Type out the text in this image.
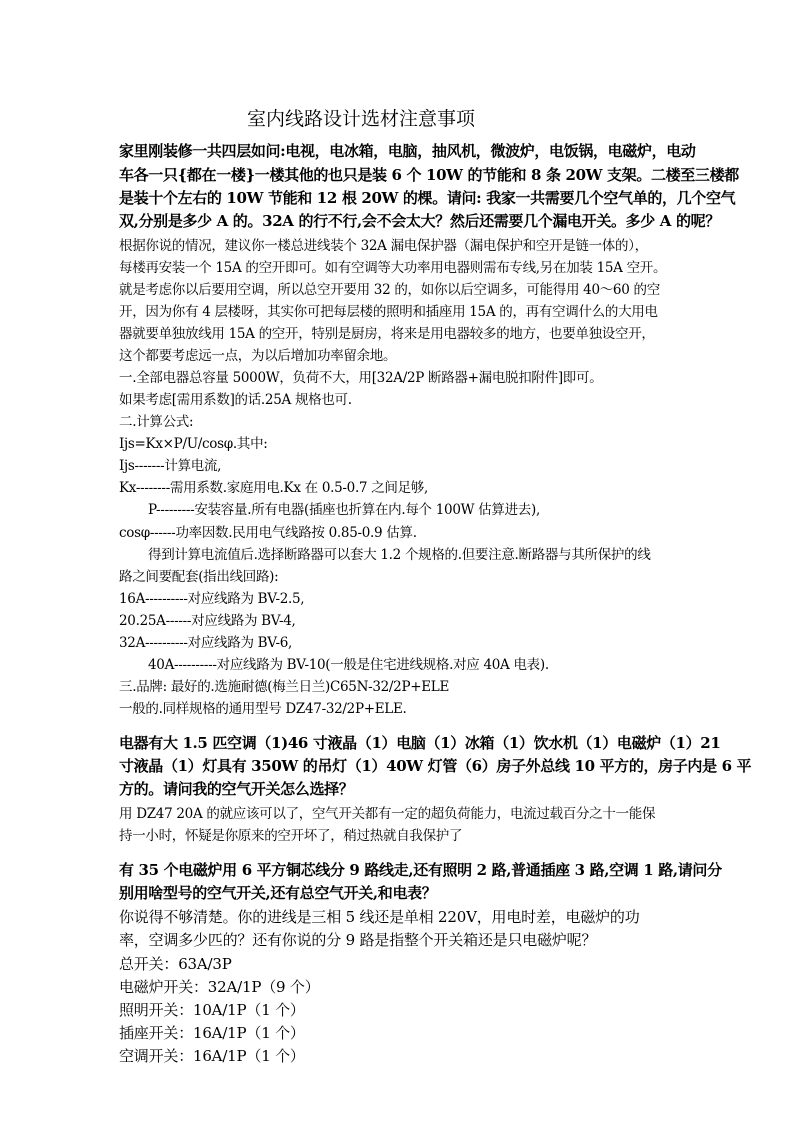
室内线路设计选材注意事项
家里刚装修一共四层如问:电视，电冰箱，电脑，抽风机，微波炉，电饭锅，电磁炉，电动
车各一只{都在一楼}一楼其他的也只是装 6 个 10W 的节能和 8 条 20W 支架。二楼至三楼都
是装十个左右的 10W 节能和 12 根 20W 的棵。请问: 我家一共需要几个空气单的，几个空气
双,分别是多少 A 的。32A 的行不行,会不会太大？然后还需要几个漏电开关。多少 A 的呢？
根据你说的情况，建议你一楼总进线装个 32A 漏电保护器（漏电保护和空开是链一体的），
每楼再安装一个 15A 的空开即可。如有空调等大功率用电器则需布专线,另在加装 15A 空开。
就是考虑你以后要用空调，所以总空开要用 32 的，如你以后空调多，可能得用 40～60 的空
开，因为你有 4 层楼呀，其实你可把每层楼的照明和插座用 15A 的，再有空调什么的大用电
器就要单独放线用 15A 的空开，特别是厨房，将来是用电器较多的地方，也要单独设空开，
这个都要考虑远一点，为以后增加功率留余地。
一.全部电器总容量 5000W，负荷不大，用[32A/2P 断路器+漏电脱扣附件]即可。
如果考虑[需用系数]的话.25A 规格也可.
二.计算公式:
Ijs=Kx×P/U/cosφ.其中:
Ijs-------计算电流,
Kx--------需用系数.家庭用电.Kx 在 0.5-0.7 之间足够,
P---------安装容量.所有电器(插座也折算在内.每个 100W 估算进去),
cosφ------功率因数.民用电气线路按 0.85-0.9 估算.
得到计算电流值后.选择断路器可以套大 1.2 个规格的.但要注意.断路器与其所保护的线
路之间要配套(指出线回路):
16A----------对应线路为 BV-2.5,
20.25A------对应线路为 BV-4,
32A----------对应线路为 BV-6,
40A----------对应线路为 BV-10(一般是住宅进线规格.对应 40A 电表).
三.品牌: 最好的.选施耐德(梅兰日兰)C65N-32/2P+ELE
一般的.同样规格的通用型号 DZ47-32/2P+ELE.
电器有大 1.5 匹空调（1)46 寸液晶（1）电脑（1）冰箱（1）饮水机（1）电磁炉（1）21
寸液晶（1）灯具有 350W 的吊灯（1）40W 灯管（6）房子外总线 10 平方的，房子内是 6 平
方的。请问我的空气开关怎么选择？
用 DZ47 20A 的就应该可以了，空气开关都有一定的超负荷能力，电流过载百分之十一能保
持一小时，怀疑是你原来的空开坏了，稍过热就自我保护了
有 35 个电磁炉用 6 平方铜芯线分 9 路线走,还有照明 2 路,普通插座 3 路,空调 1 路,请问分
别用啥型号的空气开关,还有总空气开关,和电表？
你说得不够清楚。你的进线是三相 5 线还是单相 220V，用电时差，电磁炉的功
率，空调多少匹的？还有你说的分 9 路是指整个开关箱还是只电磁炉呢？
总开关：63A/3P
电磁炉开关：32A/1P（9 个）
照明开关：10A/1P（1 个）
插座开关：16A/1P（1 个）
空调开关：16A/1P（1 个）
